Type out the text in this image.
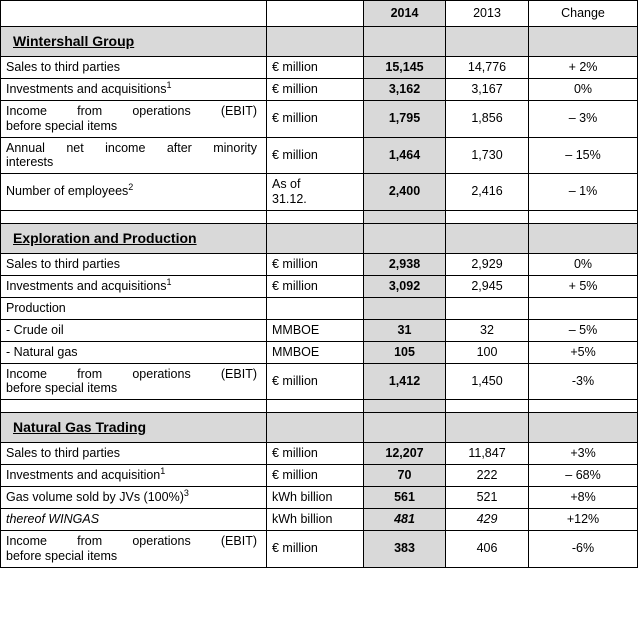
		2014	2013	Change
Wintershall Group				
Sales to third parties	€ million	15,145	14,776	+ 2%
Investments and acquisitions$^1$	€ million	3,162	3,167	0%

Income from operations (EBIT)
before special items	€ million	1,795	1,856	– 3%

Annual net income after minority
interests	€ million	1,464	1,730	– 15%
Number of employees$^2$	As of
31.12.	2,400	2,416	– 1%

Exploration and Production				
Sales to third parties	€ million	2,938	2,929	0%
Investments and acquisitions$^1$	€ million	3,092	2,945	+ 5%
Production				
- Crude oil	MMBOE	31	32	– 5%
- Natural gas	MMBOE	105	100	+5%

Income from operations (EBIT)
before special items	€ million	1,412	1,450	-3%

Natural Gas Trading				
Sales to third parties	€ million	12,207	11,847	+3%
Investments and acquisition$^1$	€ million	70	222	– 68%
Gas volume sold by JVs $(100\%)^3$	kWh billion	561	521	+8%
thereof WINGAS	kWh billion	481	429	+12%

Income from operations (EBIT)
before special items	€ million	383	406	-6%
